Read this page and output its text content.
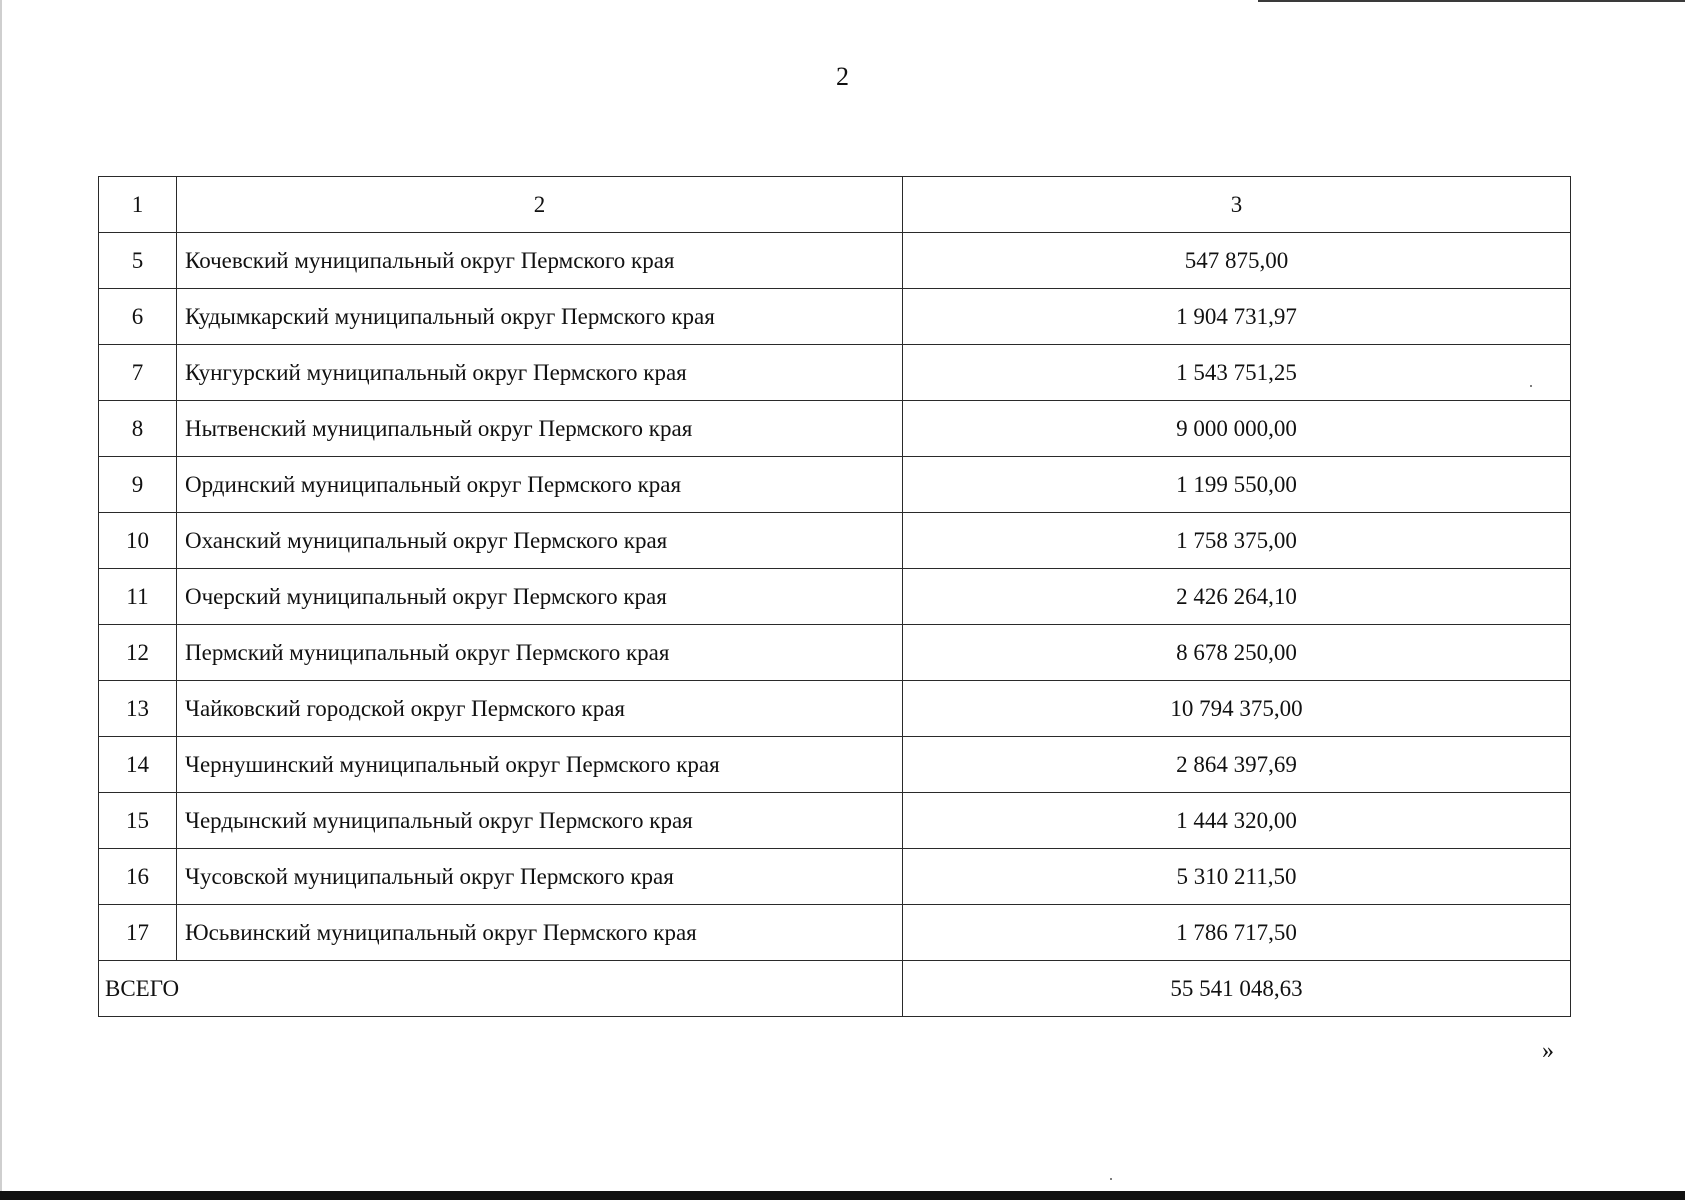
2
1	2	3
5	Кочевский муниципальный округ Пермского края	547 875,00
6	Кудымкарский муниципальный округ Пермского края	1 904 731,97
7	Кунгурский муниципальный округ Пермского края	1 543 751,25
8	Нытвенский муниципальный округ Пермского края	9 000 000,00
9	Ординский муниципальный округ Пермского края	1 199 550,00
10	Оханский муниципальный округ Пермского края	1 758 375,00
11	Очерский муниципальный округ Пермского края	2 426 264,10
12	Пермский муниципальный округ Пермского края	8 678 250,00
13	Чайковский городской округ Пермского края	10 794 375,00
14	Чернушинский муниципальный округ Пермского края	2 864 397,69
15	Чердынский муниципальный округ Пермского края	1 444 320,00
16	Чусовской муниципальный округ Пермского края	5 310 211,50
17	Юсьвинский муниципальный округ Пермского края	1 786 717,50
ВСЕГО		55 541 048,63
»
